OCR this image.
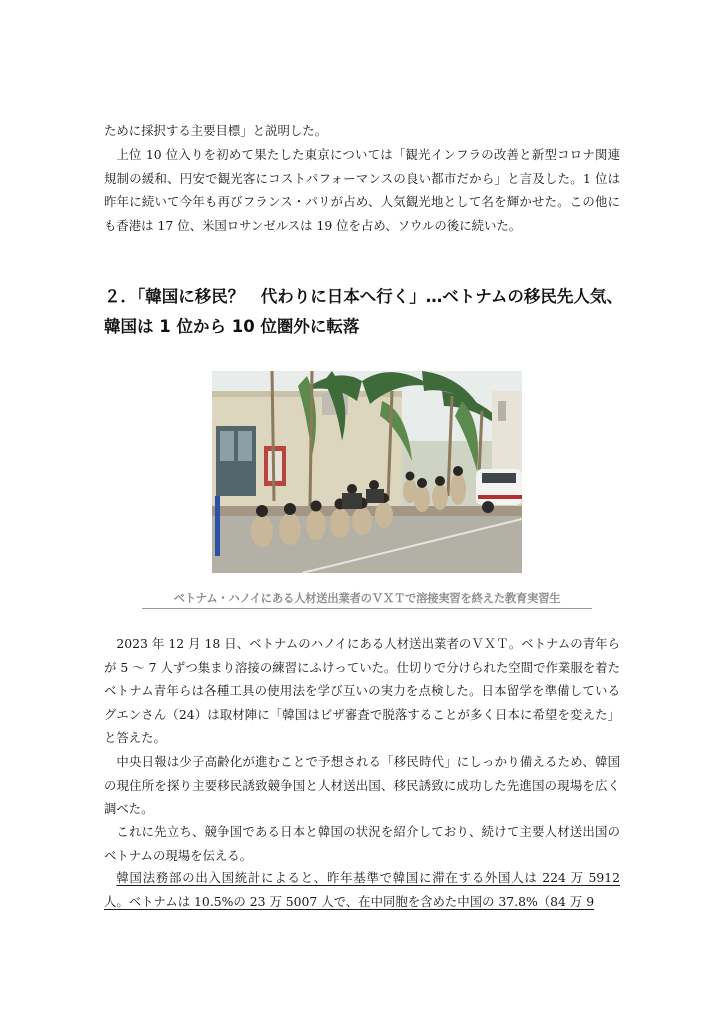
ために採択する主要目標」と説明した。

上位 10 位入りを初めて果たした東京については「観光インフラの改善と新型コロナ関連規制の緩和、円安で観光客にコストパフォーマンスの良い都市だから」と言及した。1 位は昨年に続いて今年も再びフランス・パリが占め、人気観光地として名を輝かせた。この他にも香港は 17 位、米国ロサンゼルスは 19 位を占め、ソウルの後に続いた。

２．「韓国に移民？　代わりに日本へ行く」…ベトナムの移民先人気、韓国は 1 位から 10 位圏外に転落
ベトナム・ハノイにある人材送出業者のＶＸＴで溶接実習を終えた教育実習生

2023 年 12 月 18 日、ベトナムのハノイにある人材送出業者のＶＸＴ。ベトナムの青年らが 5 ～ 7 人ずつ集まり溶接の練習にふけっていた。仕切りで分けられた空間で作業服を着たベトナム青年らは各種工具の使用法を学び互いの実力を点検した。日本留学を準備しているグエンさん（24）は取材陣に「韓国はビザ審査で脱落することが多く日本に希望を変えた」と答えた。

中央日報は少子高齢化が進むことで予想される「移民時代」にしっかり備えるため、韓国の現住所を探り主要移民誘致競争国と人材送出国、移民誘致に成功した先進国の現場を広く調べた。

これに先立ち、競争国である日本と韓国の状況を紹介しており、続けて主要人材送出国のベトナムの現場を伝える。

韓国法務部の出入国統計によると、昨年基準で韓国に滞在する外国人は 224 万 5912 人。ベトナムは 10.5%の 23 万 5007 人で、在中同胞を含めた中国の 37.8%（84 万 9
